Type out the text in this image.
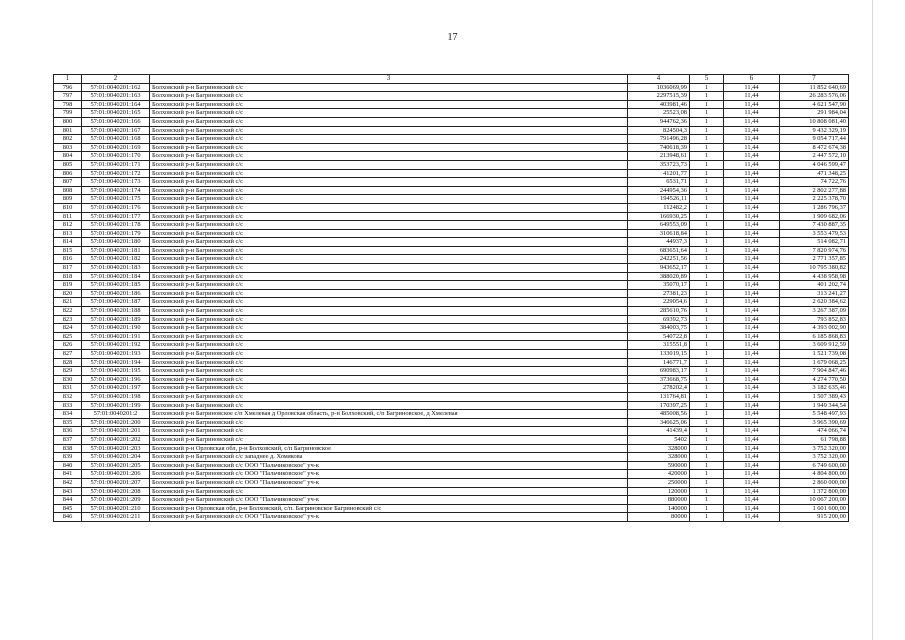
17
1	2	3	4	5	6	7
796	57:01:0040201:162	Болховский р-н Багриновский с/с	1036069,99	1	11,44	11 852 640,69
797	57:01:0040201:163	Болховский р-н Багриновский с/с	2297515,39	1	11,44	26 283 576,06
798	57:01:0040201:164	Болховский р-н Багриновский с/с	403981,46	1	11,44	4 621 547,90
799	57:01:0040201:165	Болховский р-н Багриновский с/с	25523,08	1	11,44	291 984,04
800	57:01:0040201:166	Болховский р-н Багриновский с/с	944762,36	1	11,44	10 808 081,40
801	57:01:0040201:167	Болховский р-н Багриновский с/с	824504,3	1	11,44	9 432 329,19
802	57:01:0040201:168	Болховский р-н Багриновский с/с	791496,28	1	11,44	9 054 717,44
803	57:01:0040201:169	Болховский р-н Багриновский с/с	740618,39	1	11,44	8 472 674,38
804	57:01:0040201:170	Болховский р-н Багриновский с/с	213948,61	1	11,44	2 447 572,10
805	57:01:0040201:171	Болховский р-н Багриновский с/с	353723,73	1	11,44	4 046 599,47
806	57:01:0040201:172	Болховский р-н Багриновский с/с	41201,77	1	11,44	471 348,25
807	57:01:0040201:173	Болховский р-н Багриновский с/с	6531,71	1	11,44	74 722,76
808	57:01:0040201:174	Болховский р-н Багриновский с/с	244954,36	1	11,44	2 802 277,88
809	57:01:0040201:175	Болховский р-н Багриновский с/с	194526,11	1	11,44	2 225 378,70
810	57:01:0040201:176	Болховский р-н Багриновский с/с	112482,2	1	11,44	1 286 796,37
811	57:01:0040201:177	Болховский р-н Багриновский с/с	166930,25	1	11,44	1 909 682,06
812	57:01:0040201:178	Болховский р-н Багриновский с/с	649553,09	1	11,44	7 430 887,35
813	57:01:0040201:179	Болховский р-н Багриновский с/с	310618,84	1	11,44	3 553 479,53
814	57:01:0040201:180	Болховский р-н Багриновский с/с	44937,3	1	11,44	514 082,71
815	57:01:0040201:181	Болховский р-н Багриновский с/с	683651,64	1	11,44	7 820 974,76
816	57:01:0040201:182	Болховский р-н Багриновский с/с	242251,56	1	11,44	2 771 357,85
817	57:01:0040201:183	Болховский р-н Багриновский с/с	943652,17	1	11,44	10 795 380,82
818	57:01:0040201:184	Болховский р-н Багриновский с/с	388020,89	1	11,44	4 438 958,98
819	57:01:0040201:185	Болховский р-н Багриновский с/с	35070,17	1	11,44	401 202,74
820	57:01:0040201:186	Болховский р-н Багриновский с/с	27381,23	1	11,44	313 241,27
821	57:01:0040201:187	Болховский р-н Багриновский с/с	229054,6	1	11,44	2 620 384,62
822	57:01:0040201:188	Болховский р-н Багриновский с/с	285610,76	1	11,44	3 267 387,09
823	57:01:0040201:189	Болховский р-н Багриновский с/с	69392,73	1	11,44	793 852,83
824	57:01:0040201:190	Болховский р-н Багриновский с/с	384003,75	1	11,44	4 393 002,90
825	57:01:0040201:191	Болховский р-н Багриновский с/с	540722,8	1	11,44	6 185 868,83
826	57:01:0040201:192	Болховский р-н Багриновский с/с	315551,8	1	11,44	3 609 912,59
827	57:01:0040201:193	Болховский р-н Багриновский с/с	133019,15	1	11,44	1 521 739,08
828	57:01:0040201:194	Болховский р-н Багриновский с/с	146771,7	1	11,44	1 679 068,25
829	57:01:0040201:195	Болховский р-н Багриновский с/с	690983,17	1	11,44	7 904 847,46
830	57:01:0040201:196	Болховский р-н Багриновский с/с	373668,75	1	11,44	4 274 770,50
831	57:01:0040201:197	Болховский р-н Багриновский с/с	278202,4	1	11,44	3 182 635,46
832	57:01:0040201:198	Болховский р-н Багриновский с/с	131764,81	1	11,44	1 507 389,43
833	57:01:0040201:199	Болховский р-н Багриновский с/с	170397,25	1	11,44	1 949 344,54
834	57:01:0040201:2	Болховский р-н Багриновское с/п Хмелевая д Орловская область, р-н Болховский, с/п Багриновское, д Хмелевая	485008,56	1	11,44	5 548 497,93
835	57:01:0040201:200	Болховский р-н Багриновский с/с	346625,06	1	11,44	3 965 390,69
836	57:01:0040201:201	Болховский р-н Багриновский с/с	41439,4	1	11,44	474 066,74
837	57:01:0040201:202	Болховский р-н Багриновский с/с	5402	1	11,44	61 798,88
838	57:01:0040201:203	Болховский р-н Орловская обл, р-н Болховский, с/п Багриновское	328000	1	11,44	3 752 320,00
839	57:01:0040201:204	Болховский р-н Багриновский с/с западнее д. Хомякова	328000	1	11,44	3 752 320,00
840	57:01:0040201:205	Болховский р-н Багриновский с/с ООО "Пальчиковское" уч-к	590000	1	11,44	6 749 600,00
841	57:01:0040201:206	Болховский р-н Багриновский с/с ООО "Пальчиковское" уч-к	420000	1	11,44	4 804 800,00
842	57:01:0040201:207	Болховский р-н Багриновский с/с ООО "Пальчиковское" уч-к	250000	1	11,44	2 860 000,00
843	57:01:0040201:208	Болховский р-н Багриновский с/с	120000	1	11,44	1 372 800,00
844	57:01:0040201:209	Болховский р-н Багриновский с/с ООО "Пальчиковское" уч-к	880000	1	11,44	10 067 200,00
845	57:01:0040201:210	Болховский р-н Орловская обл, р-н Болховский, с/п. Багриновское Багриновский с/с	140000	1	11,44	1 601 600,00
846	57:01:0040201:211	Болховский р-н Багриновский с/с ООО "Пальчиковское" уч-к	80000	1	11,44	915 200,00
